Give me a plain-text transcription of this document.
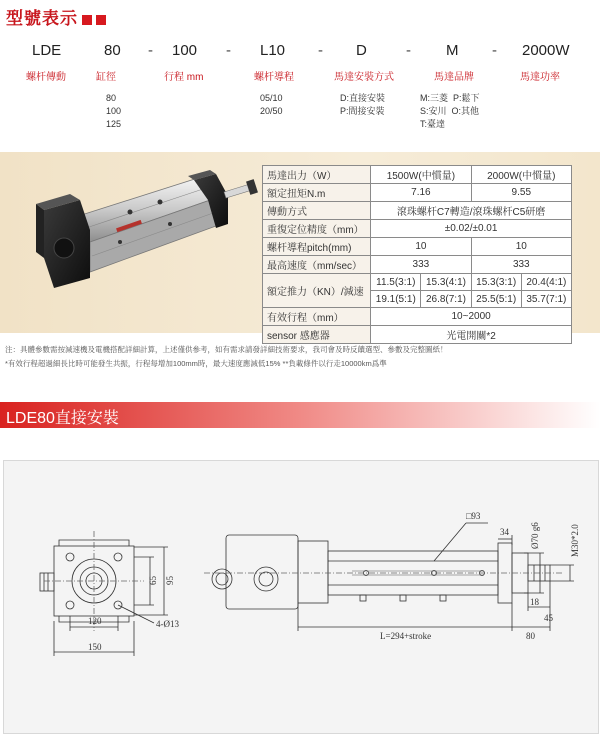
型號表示
LDE	80 - 100 - L10 - D	- M - 2000W
螺杆傳動	缸徑	行程 mm	螺杆導程	馬達安裝方式	馬達品牌	馬達功率
80
100
125
05/10
20/50
D:直接安裝
P:間接安裝
M:三菱 P:鬆下
S:安川 O:其他
T:臺達
馬達出力（W）	1500W(中慣量)		2000W(中慣量)	
額定扭矩N.m	7.16		9.55	
傳動方式	滾珠螺杆C7轉造/滾珠螺杆C5研磨			
重復定位精度（mm）	±0.02/±0.01			
螺杆導程pitch(mm)	10		10	
最高速度（mm/sec）	333		333	
額定推力（KN）/減速	11.5(3:1)	15.3(4:1)	15.3(3:1)	20.4(4:1)
	19.1(5:1)	26.8(7:1)	25.5(5:1)	35.7(7:1)
有效行程（mm）	10~2000			
sensor 感應器	光電開關*2			
注：具體參數需按減速機及電機搭配詳細計算，上述僅供參考，如有需求請發詳細技術要求，我司會及時反饋選型、參數及完整圖紙！
*有效行程超過細長比時可能發生共振，行程每增加100mm時，最大速度應減低15% **負載條件以行走10000km爲準
LDE80直接安裝
120
150
65 95
4-Ø13
□93
34 Ø70 g6	M30*2.0
18
45
80
L=294+stroke
